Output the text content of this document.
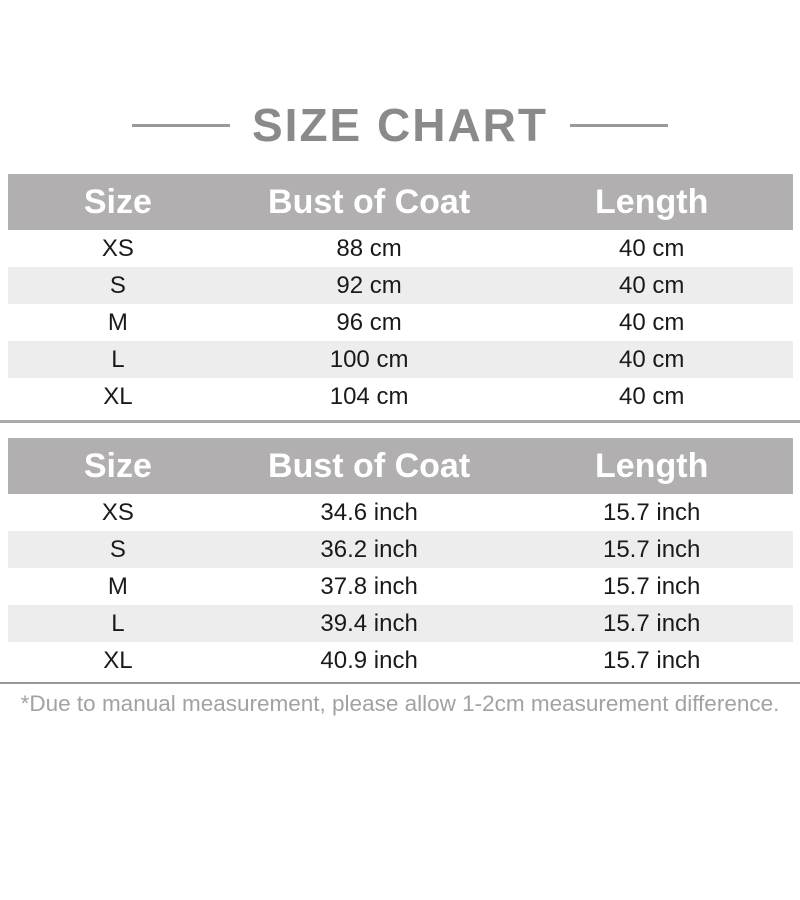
SIZE CHART
Size	Bust of Coat	Length
XS	88 cm	40 cm
S	92 cm	40 cm
M	96 cm	40 cm
L	100 cm	40 cm
XL	104 cm	40 cm
Size	Bust of Coat	Length
XS	34.6 inch	15.7 inch
S	36.2 inch	15.7 inch
M	37.8 inch	15.7 inch
L	39.4 inch	15.7 inch
XL	40.9 inch	15.7 inch
*Due to manual measurement, please allow 1-2cm measurement difference.
